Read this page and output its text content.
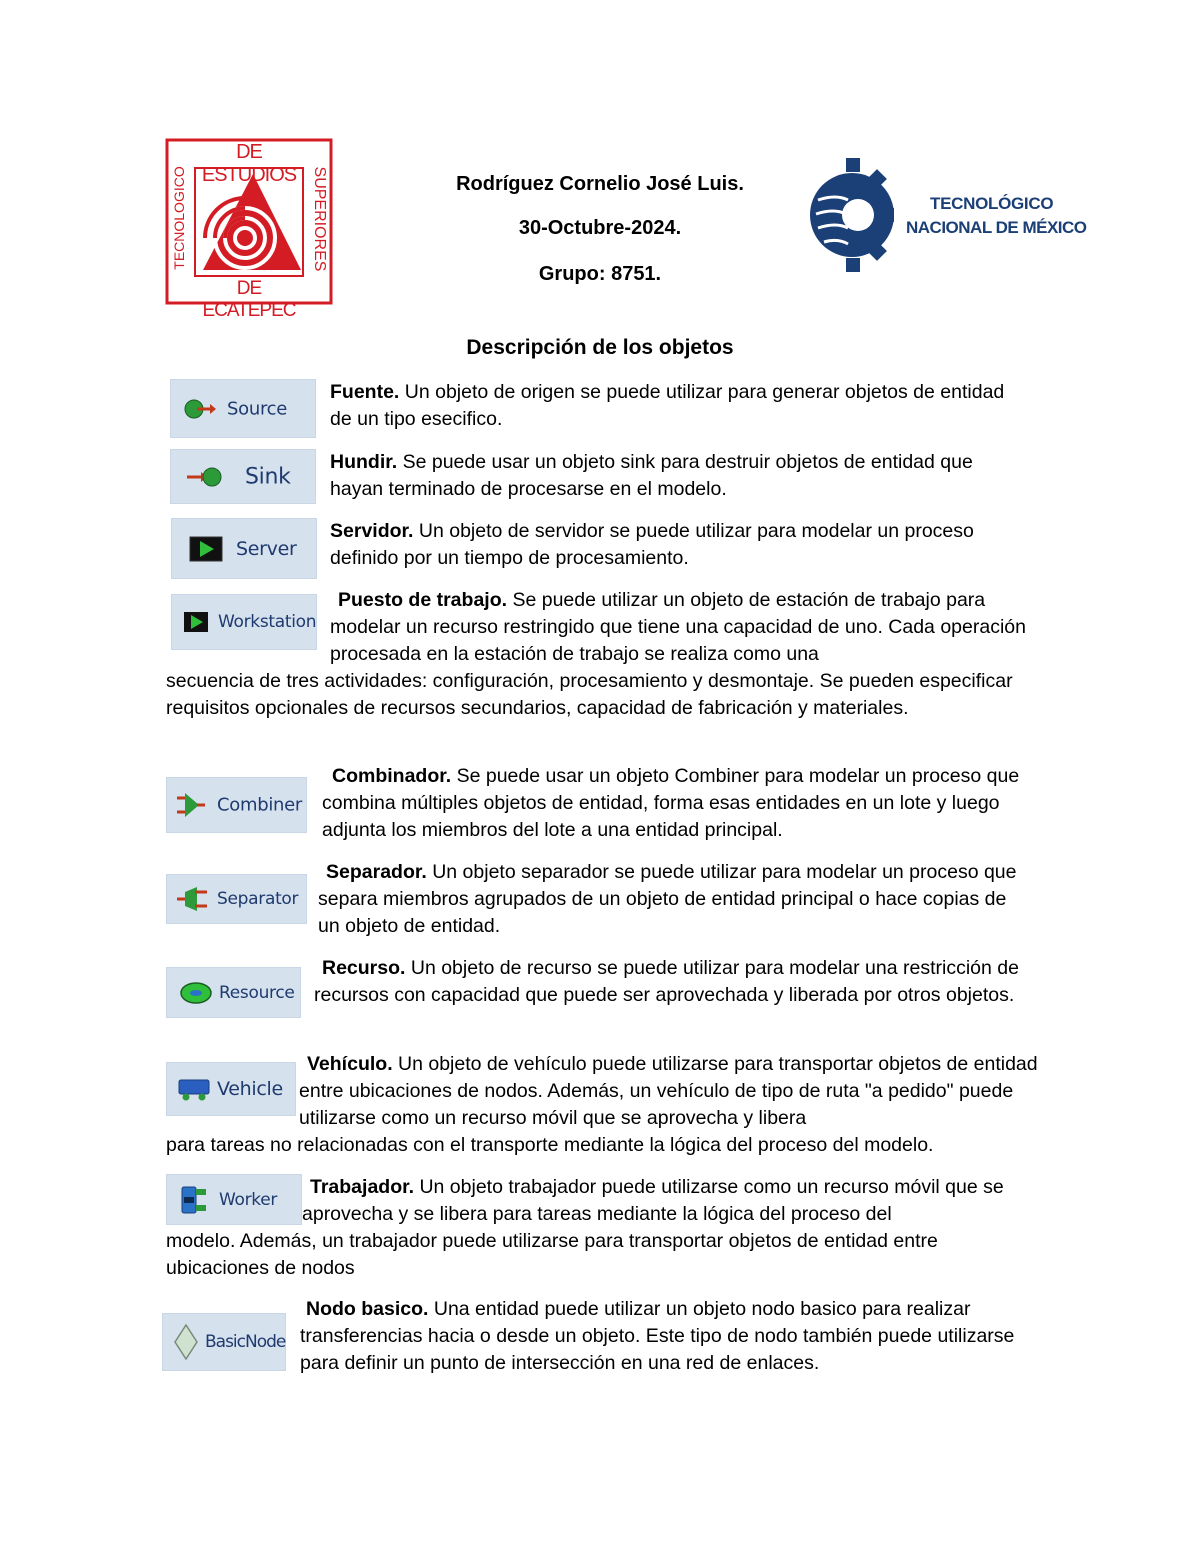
DE ESTUDIOS
DE ECATEPEC
TECNOLOGICO	SUPERIORES	Rodríguez Cornelio José Luis.
30-Octubre-2024.
Grupo: 8751.
TECNOLÓGICO
NACIONAL DE MÉXICO
Descripción de los objetos
Source

Fuente. Un objeto de origen se puede utilizar para generar objetos de entidad de un tipo esecifico.

Sink

Hundir. Se puede usar un objeto sink para destruir objetos de entidad que hayan terminado de procesarse en el modelo.

Server

Servidor. Un objeto de servidor se puede utilizar para modelar un proceso definido por un tiempo de procesamiento.

Workstation

Puesto de trabajo. Se puede utilizar un objeto de estación de trabajo para modelar un recurso restringido que tiene una capacidad de uno. Cada operación procesada en la estación de trabajo se realiza como una

secuencia de tres actividades: configuración, procesamiento y desmontaje. Se pueden especificar requisitos opcionales de recursos secundarios, capacidad de fabricación y materiales.

Combiner

Combinador. Se puede usar un objeto Combiner para modelar un proceso que combina múltiples objetos de entidad, forma esas entidades en un lote y luego adjunta los miembros del lote a una entidad principal.

Separator

Separador. Un objeto separador se puede utilizar para modelar un proceso que separa miembros agrupados de un objeto de entidad principal o hace copias de un objeto de entidad.

Resource

Recurso. Un objeto de recurso se puede utilizar para modelar una restricción de recursos con capacidad que puede ser aprovechada y liberada por otros objetos.

Vehicle

Vehículo. Un objeto de vehículo puede utilizarse para transportar objetos de entidad entre ubicaciones de nodos. Además, un vehículo de tipo de ruta "a pedido" puede utilizarse como un recurso móvil que se aprovecha y libera

para tareas no relacionadas con el transporte mediante la lógica del proceso del modelo.

Worker

Trabajador. Un objeto trabajador puede utilizarse como un recurso móvil que se aprovecha y se libera para tareas mediante la lógica del proceso del

modelo. Además, un trabajador puede utilizarse para transportar objetos de entidad entre ubicaciones de nodos

BasicNode

Nodo basico. Una entidad puede utilizar un objeto nodo basico para realizar transferencias hacia o desde un objeto. Este tipo de nodo también puede utilizarse para definir un punto de intersección en una red de enlaces.
